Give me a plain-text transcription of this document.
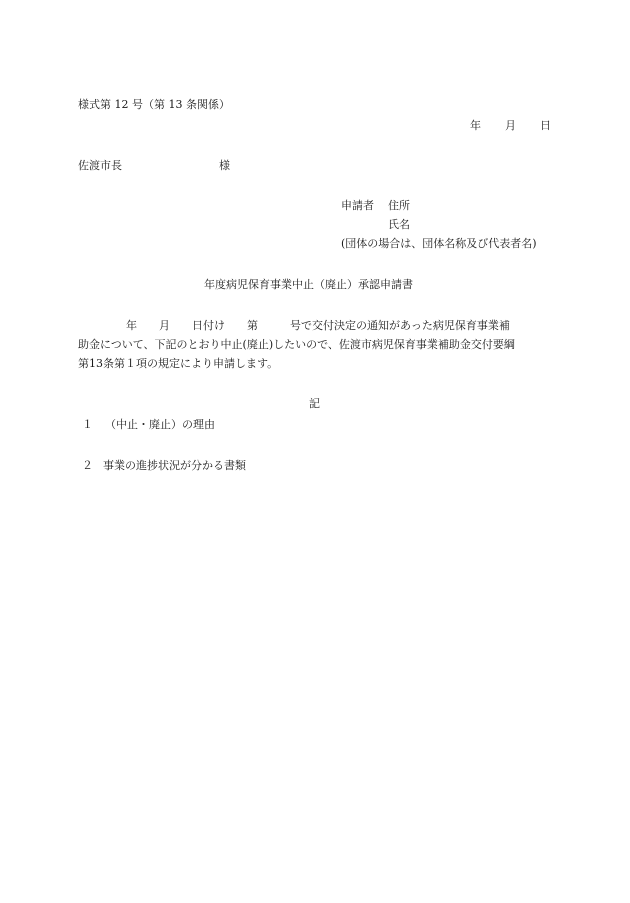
様式第 12 号（第 13 条関係）
年 月 日
佐渡市長	様
申請者 住所
氏名
(団体の場合は、団体名称及び代表者名)
年度病児保育事業中止（廃止）承認申請書
年 月 日付け 第	号で交付決定の通知があった病児保育事業補
助金について、下記のとおり中止(廃止)したいので、佐渡市病児保育事業補助金交付要綱
第13条第１項の規定により申請します。
記
１ （中止・廃止）の理由
２ 事業の進捗状況が分かる書類
